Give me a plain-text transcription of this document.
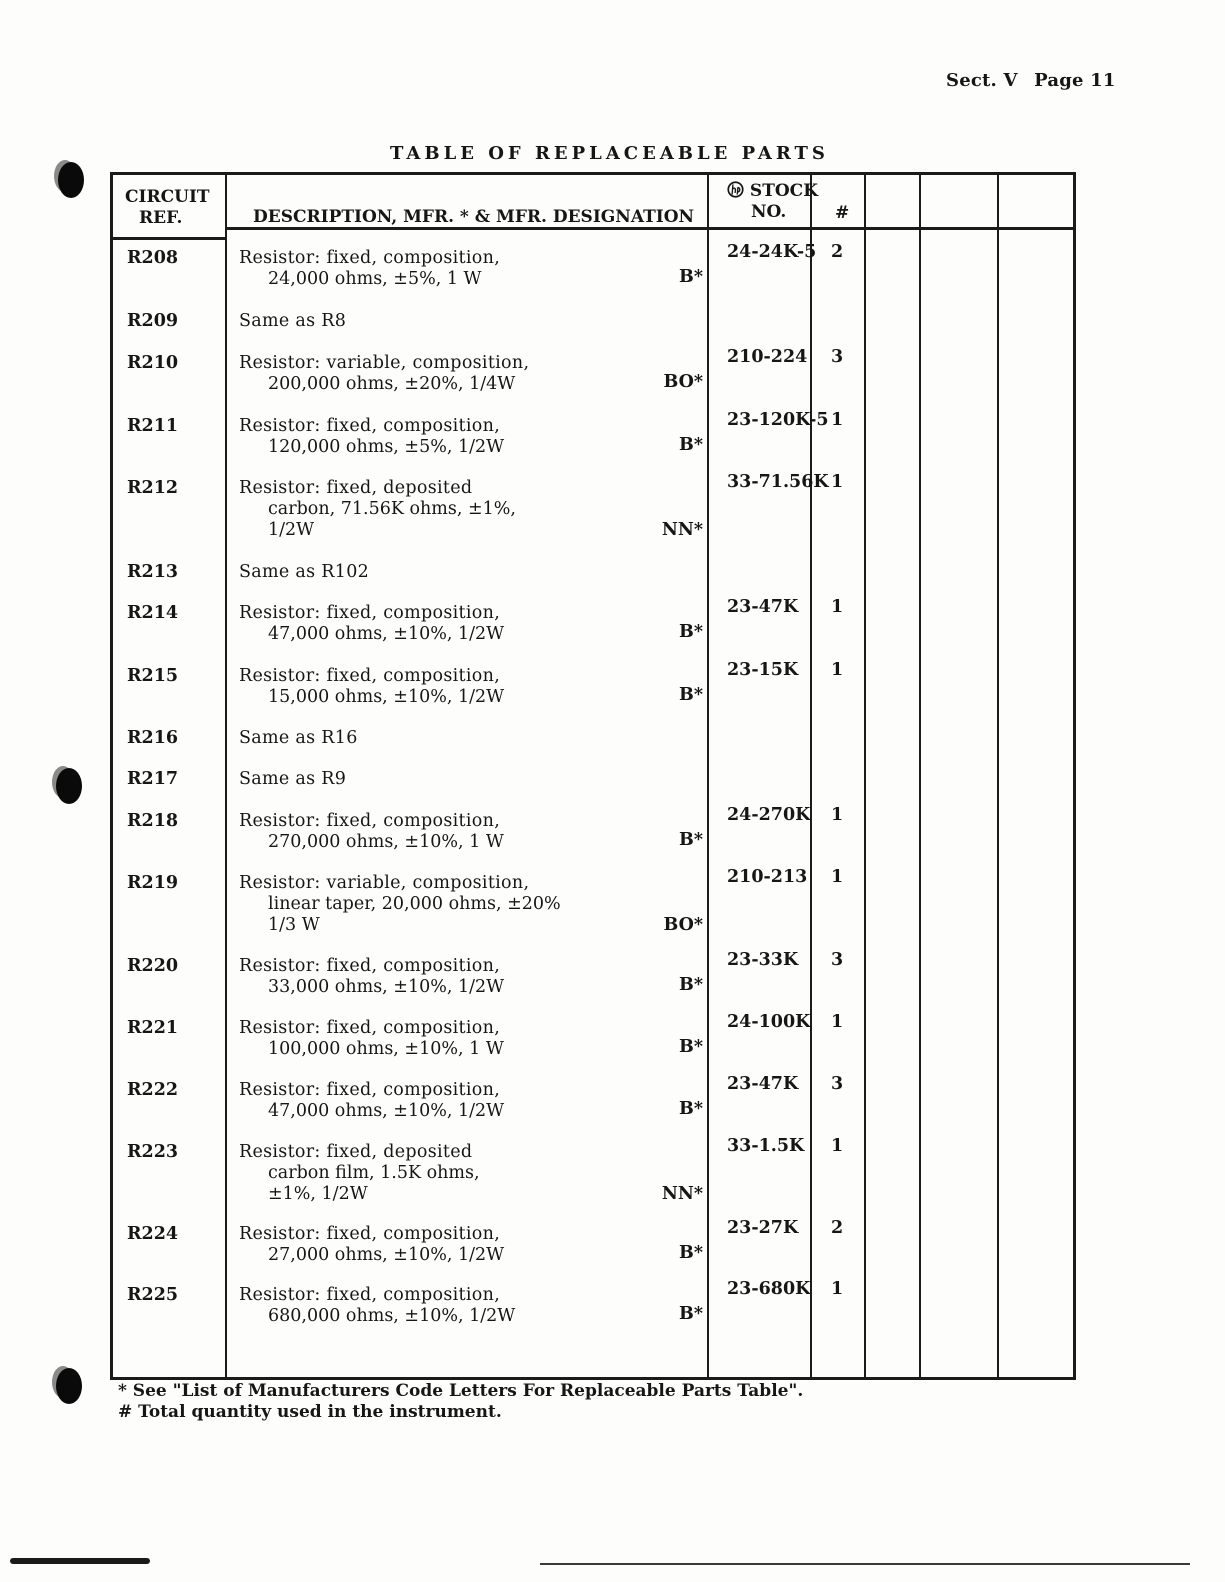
Sect. V Page 11
TABLE OF REPLACEABLE PARTS
CIRCUIT
REF.	DESCRIPTION, MFR. * & MFR. DESIGNATION
STOCK
NO.	#
R208	Resistor: fixed, composition,
24,000 ohms, ±5%, 1 W	B*
24-24K-5 2
R209	Same as R8
R210	Resistor: variable, composition,
200,000 ohms, ±20%, 1/4W	BO*
210-224 3
R211	Resistor: fixed, composition,
120,000 ohms, ±5%, 1/2W	B*
23-120K-5 1
R212	Resistor: fixed, deposited
carbon, 71.56K ohms, ±1%,
1/2W	NN*
33-71.56K 1
R213	Same as R102
R214	Resistor: fixed, composition,
47,000 ohms, ±10%, 1/2W	B*
23-47K 1
R215	Resistor: fixed, composition,
15,000 ohms, ±10%, 1/2W	B*
23-15K 1
R216	Same as R16
R217	Same as R9
R218	Resistor: fixed, composition,
270,000 ohms, ±10%, 1 W	B*
24-270K 1
R219	Resistor: variable, composition,
linear taper, 20,000 ohms, ±20%
1/3 W	BO*
210-213 1
R220	Resistor: fixed, composition,
33,000 ohms, ±10%, 1/2W	B*
23-33K 3
R221	Resistor: fixed, composition,
100,000 ohms, ±10%, 1 W	B*
24-100K 1
R222	Resistor: fixed, composition,
47,000 ohms, ±10%, 1/2W	B*
23-47K 3
R223	Resistor: fixed, deposited
carbon film, 1.5K ohms,
±1%, 1/2W	NN*
33-1.5K 1
R224	Resistor: fixed, composition,
27,000 ohms, ±10%, 1/2W	B*
23-27K 2
R225	Resistor: fixed, composition,
680,000 ohms, ±10%, 1/2W	B*
23-680K 1
* See "List of Manufacturers Code Letters For Replaceable Parts Table".
# Total quantity used in the instrument.
